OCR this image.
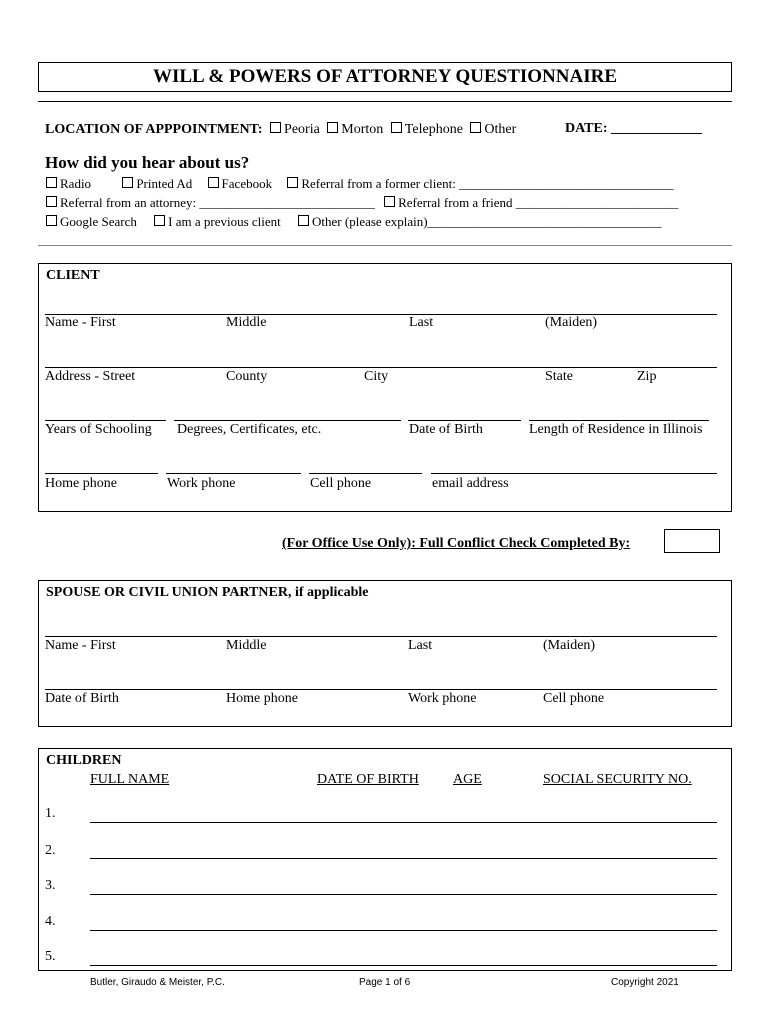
WILL & POWERS OF ATTORNEY QUESTIONNAIRE
LOCATION OF APPPOINTMENT: Peoria Morton Telephone Other	DATE: _____________
How did you hear about us?
Radio	Printed Ad Facebook Referral from a former client: _________________________________
Referral from an attorney: ___________________________ Referral from a friend _________________________
Google Search I am a previous client Other (please explain)____________________________________
CLIENT
Name - First	Middle	Last	(Maiden)
Address - Street	County	City	State	Zip
Years of Schooling Degrees, Certificates, etc.	Date of Birth	Length of Residence in Illinois
Home phone	Work phone	Cell phone	email address
(For Office Use Only): Full Conflict Check Completed By:
SPOUSE OR CIVIL UNION PARTNER, if applicable
Name - First	Middle	Last	(Maiden)
Date of Birth	Home phone	Work phone	Cell phone
CHILDREN
FULL NAME	DATE OF BIRTH AGE	SOCIAL SECURITY NO.
1.
2.
3.
4.
5.
Butler, Giraudo & Meister, P.C.	Page 1 of 6	Copyright 2021
